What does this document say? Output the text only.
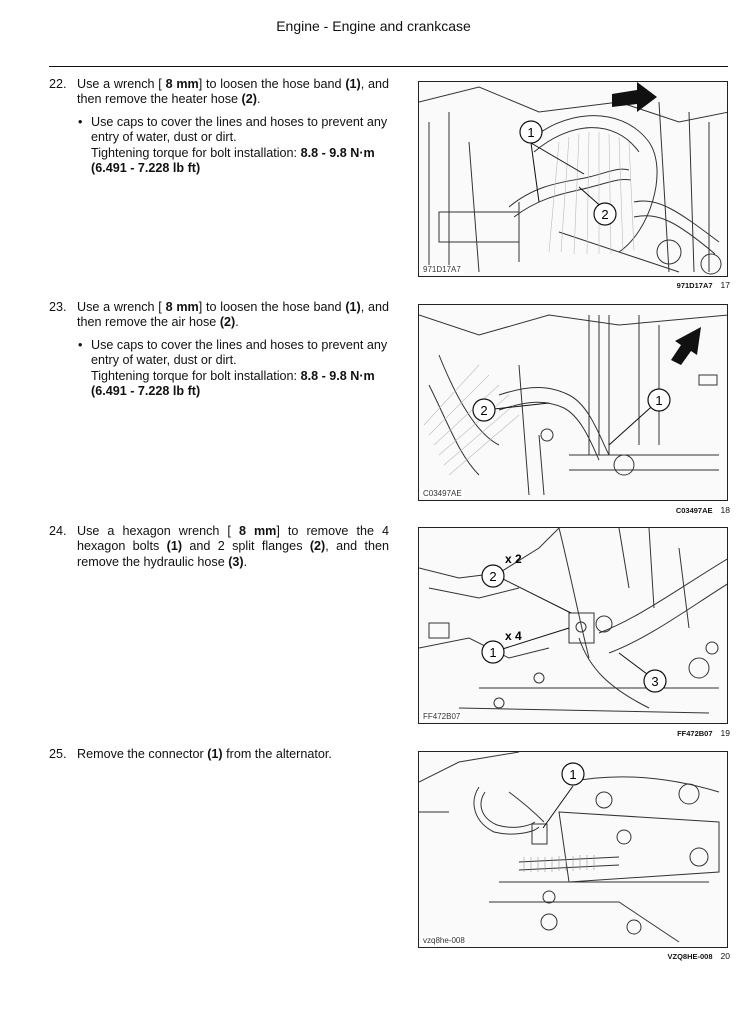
Engine - Engine and crankcase
22. Use a wrench [ 8 mm] to loosen the hose band (1), and then remove the heater hose (2).
• Use caps to cover the lines and hoses to prevent any entry of water, dust or dirt.
Tightening torque for bolt installation: 8.8 - 9.8 N·m
(6.491 - 7.228 lb ft)
23. Use a wrench [ 8 mm] to loosen the hose band (1), and then remove the air hose (2).
• Use caps to cover the lines and hoses to prevent any entry of water, dust or dirt.
Tightening torque for bolt installation: 8.8 - 9.8 N·m
(6.491 - 7.228 lb ft)
24. Use a hexagon wrench [ 8 mm] to remove the 4 hexagon bolts (1) and 2 split flanges (2), and then remove the hydraulic hose (3).
25. Remove the connector (1) from the alternator.
1
2
971D17A7
971D17A7 17
2
1
C03497AE
C03497AE 18
x 2
x 4
2
1
3
FF472B07
FF472B07 19
1
vzq8he-008
VZQ8HE-008 20
